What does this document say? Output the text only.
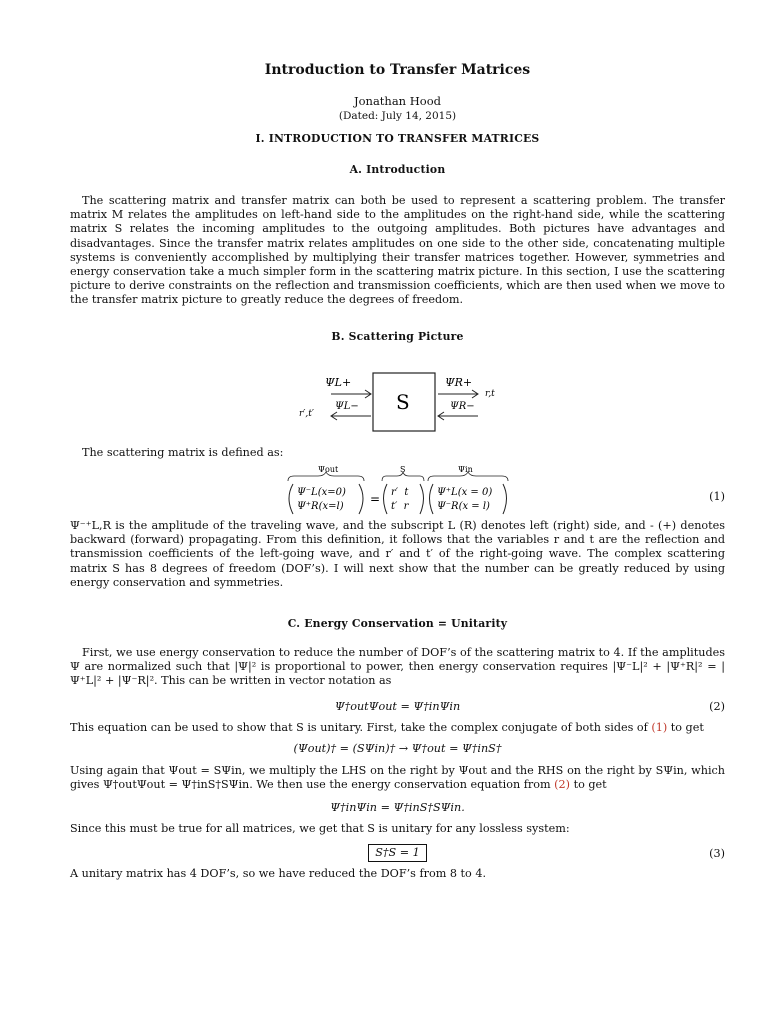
Introduction to Transfer Matrices
Jonathan Hood
(Dated: July 14, 2015)
I. INTRODUCTION TO TRANSFER MATRICES
A. Introduction
The scattering matrix and transfer matrix can both be used to represent a scattering problem. The transfer matrix M relates the amplitudes on left-hand side to the amplitudes on the right-hand side, while the scattering matrix S relates the incoming amplitudes to the outgoing amplitudes. Both pictures have advantages and disadvantages. Since the transfer matrix relates amplitudes on one side to the other side, concatenating multiple systems is conveniently accomplished by multiplying their transfer matrices together. However, symmetries and energy conservation take a much simpler form in the scattering matrix picture. In this section, I use the scattering picture to derive constraints on the reflection and transmission coefficients, which are then used when we move to the transfer matrix picture to greatly reduce the degrees of freedom.
B. Scattering Picture
S
ΨL+
ΨL−
r′,t′
ΨR+
ΨR−
r,t
The scattering matrix is defined as:
Ψout	S	Ψin
Ψ⁻L(x=0)
Ψ⁺R(x=l)
= r′  t
t′  r
Ψ⁺L(x = 0)
Ψ⁻R(x = l)
(1)
Ψ⁻⁺L,R is the amplitude of the traveling wave, and the subscript L (R) denotes left (right) side, and - (+) denotes backward (forward) propagating. From this definition, it follows that the variables r and t are the reflection and transmission coefficients of the left-going wave, and r′ and t′ of the right-going wave. The complex scattering matrix S has 8 degrees of freedom (DOF’s). I will next show that the number can be greatly reduced by using energy conservation and symmetries.
C. Energy Conservation = Unitarity
First, we use energy conservation to reduce the number of DOF’s of the scattering matrix to 4. If the amplitudes Ψ are normalized such that |Ψ|² is proportional to power, then energy conservation requires |Ψ⁻L|² + |Ψ⁺R|² = |Ψ⁺L|² + |Ψ⁻R|². This can be written in vector notation as
Ψ†outΨout = Ψ†inΨin	(2)
This equation can be used to show that S is unitary. First, take the complex conjugate of both sides of (1) to get
(Ψout)† = (SΨin)† → Ψ†out = Ψ†inS†
Using again that Ψout = SΨin, we multiply the LHS on the right by Ψout and the RHS on the right by SΨin, which gives Ψ†outΨout = Ψ†inS†SΨin. We then use the energy conservation equation from (2) to get
Ψ†inΨin = Ψ†inS†SΨin.
Since this must be true for all matrices, we get that S is unitary for any lossless system:
S†S = 1	(3)
A unitary matrix has 4 DOF’s, so we have reduced the DOF’s from 8 to 4.
